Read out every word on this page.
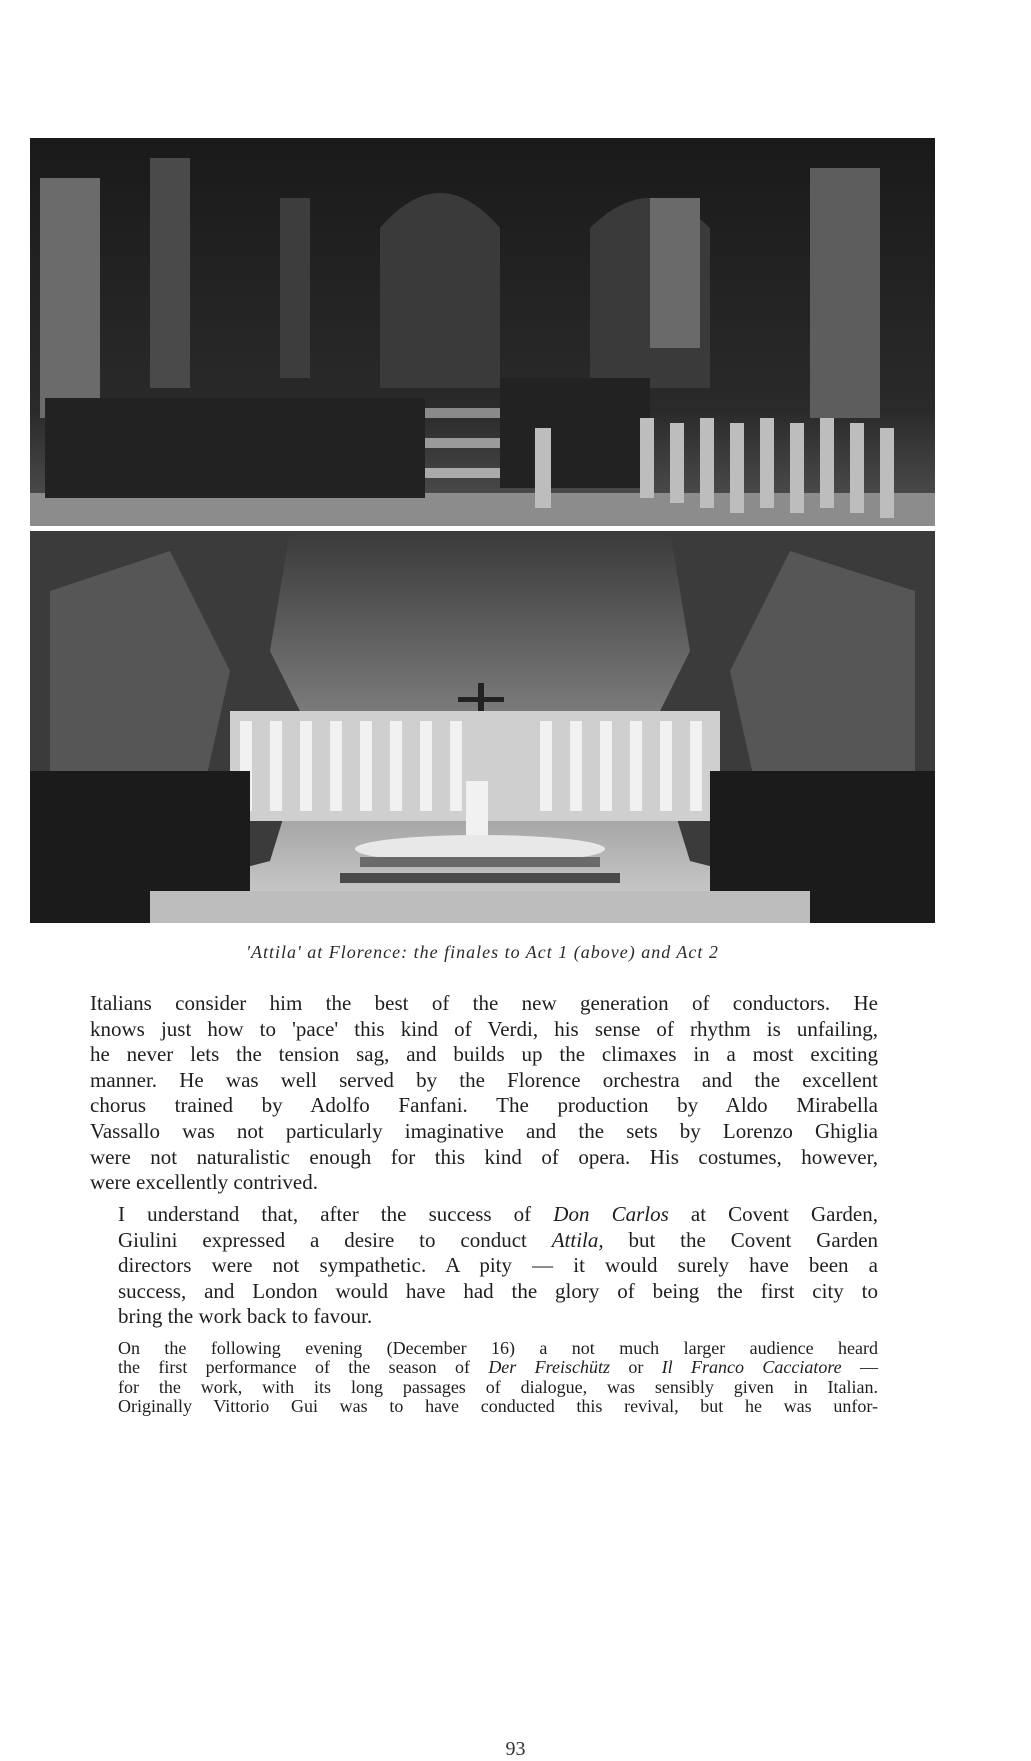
'Attila' at Florence: the finales to Act 1 (above) and Act 2

Italians consider him the best of the new generation of conductors. He
knows just how to 'pace' this kind of Verdi, his sense of rhythm is unfailing,
he never lets the tension sag, and builds up the climaxes in a most exciting
manner. He was well served by the Florence orchestra and the excellent
chorus trained by Adolfo Fanfani. The production by Aldo Mirabella
Vassallo was not particularly imaginative and the sets by Lorenzo Ghiglia
were not naturalistic enough for this kind of opera. His costumes, however,
were excellently contrived.

I understand that, after the success of Don Carlos at Covent Garden,
Giulini expressed a desire to conduct Attila, but the Covent Garden
directors were not sympathetic. A pity — it would surely have been a
success, and London would have had the glory of being the first city to
bring the work back to favour.

On the following evening (December 16) a not much larger audience heard
the first performance of the season of Der Freischütz or Il Franco Cacciatore —
for the work, with its long passages of dialogue, was sensibly given in Italian.
Originally Vittorio Gui was to have conducted this revival, but he was unfor-

93
